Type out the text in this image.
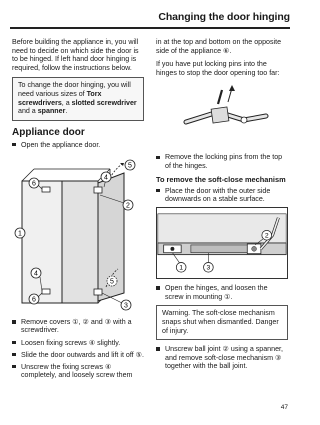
Changing the door hinging

Before building the appliance in, you will need to decide on which side the door is to be hinged. If left hand door hinging is required, follow the instructions below.

To change the door hinging, you will need various sizes of Torx screwdrivers, a slotted screwdriver and a spanner.
Appliance door
Open the appliance door.
5
4
6
2
1
4
5
6
3
Remove covers ①, ② and ③ with a screwdriver.
Loosen fixing screws ④ slightly.
Slide the door outwards and lift it off ⑤.
Unscrew the fixing screws ④ completely, and loosely screw them

in at the top and bottom on the opposite side of the appliance ⑥.

If you have put locking pins into the hinges to stop the door opening too far:

Remove the locking pins from the top of the hinges.
To remove the soft-close mechanism
Place the door with the outer side downwards on a stable surface.
2
1	3
Open the hinges, and loosen the screw in mounting ①.
Warning. The soft-close mechanism snaps shut when dismantled. Danger of injury.
Unscrew ball joint ② using a spanner, and remove soft-close mechanism ③ together with the ball joint.
47
